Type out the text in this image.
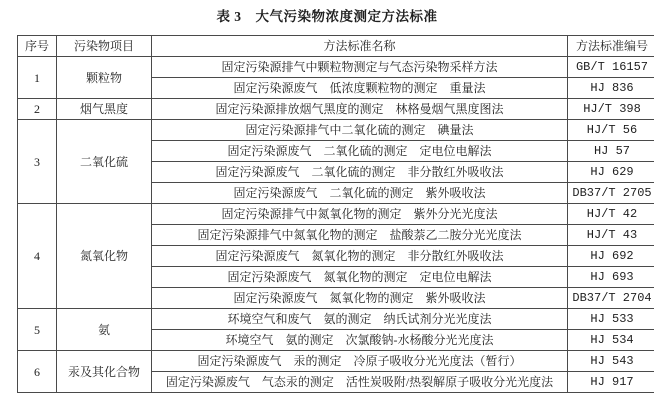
表 3　大气污染物浓度测定方法标准
序号	污染物项目	方法标准名称	方法标准编号
1	颗粒物	固定污染源排气中颗粒物测定与气态污染物采样方法	GB/T 16157
		固定污染源废气　低浓度颗粒物的测定　重量法	HJ 836
2	烟气黑度	固定污染源排放烟气黑度的测定　林格曼烟气黑度图法	HJ/T 398
3	二氧化硫	固定污染源排气中二氧化硫的测定　碘量法	HJ/T 56
		固定污染源废气　二氧化硫的测定　定电位电解法	HJ 57
		固定污染源废气　二氧化硫的测定　非分散红外吸收法	HJ 629
		固定污染源废气　二氧化硫的测定　紫外吸收法	DB37/T 2705
4	氮氧化物	固定污染源排气中氮氧化物的测定　紫外分光光度法	HJ/T 42
		固定污染源排气中氮氧化物的测定　盐酸萘乙二胺分光光度法	HJ/T 43
		固定污染源废气　氮氧化物的测定　非分散红外吸收法	HJ 692
		固定污染源废气　氮氧化物的测定　定电位电解法	HJ 693
		固定污染源废气　氮氧化物的测定　紫外吸收法	DB37/T 2704
5	氨	环境空气和废气　氨的测定　纳氏试剂分光光度法	HJ 533
		环境空气　氨的测定　次氯酸钠-水杨酸分光光度法	HJ 534
6	汞及其化合物	固定污染源废气　汞的测定　冷原子吸收分光光度法（暂行）	HJ 543
		固定污染源废气　气态汞的测定　活性炭吸附/热裂解原子吸收分光光度法	HJ 917
